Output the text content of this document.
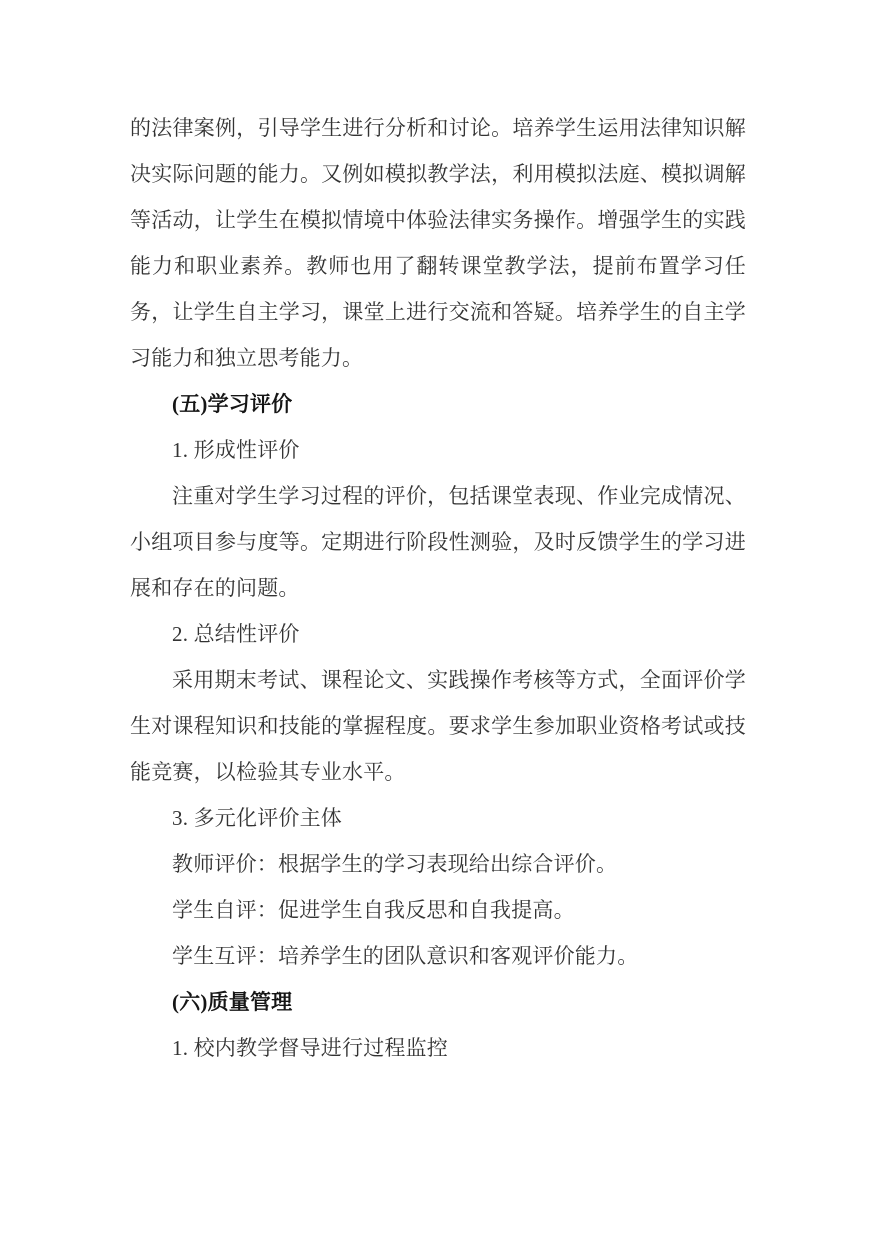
的法律案例，引导学生进行分析和讨论。培养学生运用法律知识解决实际问题的能力。又例如模拟教学法，利用模拟法庭、模拟调解等活动，让学生在模拟情境中体验法律实务操作。增强学生的实践能力和职业素养。教师也用了翻转课堂教学法，提前布置学习任务，让学生自主学习，课堂上进行交流和答疑。培养学生的自主学习能力和独立思考能力。

(五)学习评价

1. 形成性评价

注重对学生学习过程的评价，包括课堂表现、作业完成情况、小组项目参与度等。定期进行阶段性测验，及时反馈学生的学习进展和存在的问题。

2. 总结性评价

采用期末考试、课程论文、实践操作考核等方式，全面评价学生对课程知识和技能的掌握程度。要求学生参加职业资格考试或技能竞赛，以检验其专业水平。

3. 多元化评价主体

教师评价：根据学生的学习表现给出综合评价。

学生自评：促进学生自我反思和自我提高。

学生互评：培养学生的团队意识和客观评价能力。

(六)质量管理

1. 校内教学督导进行过程监控
